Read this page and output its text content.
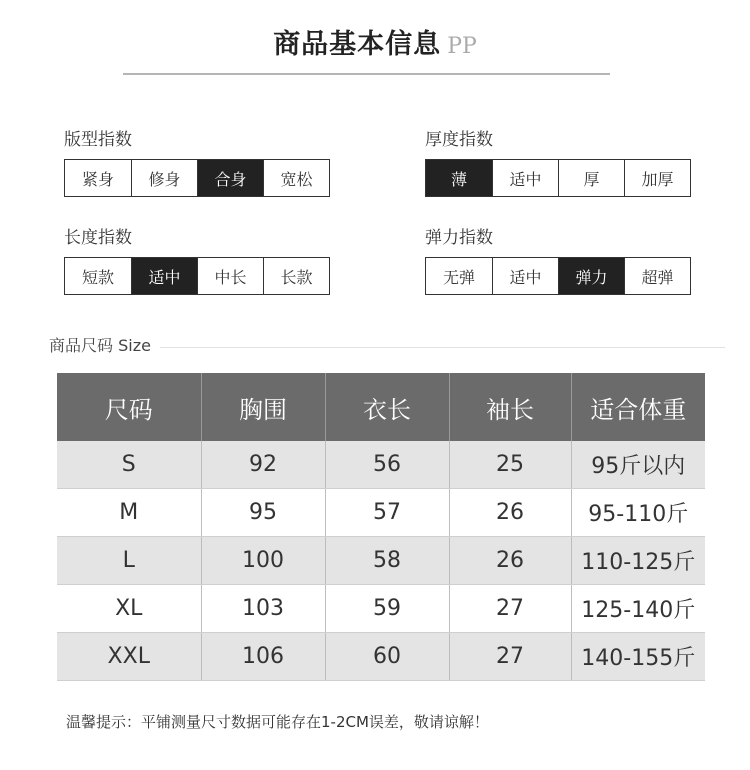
商品基本信息 PP
版型指数
紧身	修身	合身	宽松
厚度指数
薄	适中	厚	加厚
长度指数
短款	适中	中长	长款
弹力指数
无弹	适中	弹力	超弹
商品尺码 Size
尺码	胸围	衣长	袖长	适合体重
S	92	56	25	95斤以内
M	95	57	26	95-110斤
L	100	58	26	110-125斤
XL	103	59	27	125-140斤
XXL	106	60	27	140-155斤
温馨提示：平铺测量尺寸数据可能存在1-2CM误差，敬请谅解！
